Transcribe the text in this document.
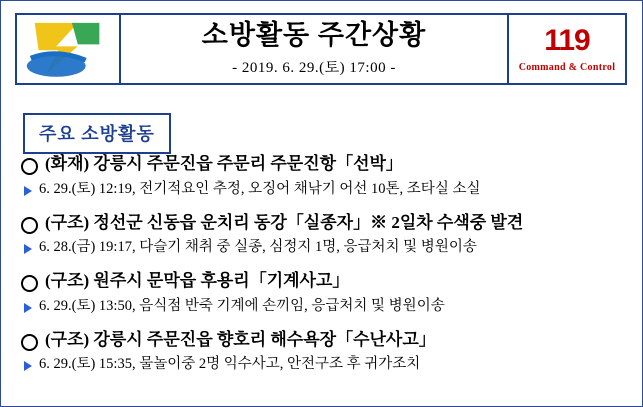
소방활동 주간상황
- 2019. 6. 29.(토) 17:00 -
119
Command & Control
주요 소방활동
(화재) 강릉시 주문진읍 주문리 주문진항「선박」
6. 29.(토) 12:19, 전기적요인 추정, 오징어 채낚기 어선 10톤, 조타실 소실
(구조) 정선군 신동읍 운치리 동강「실종자」※ 2일차 수색중 발견
6. 28.(금) 19:17, 다슬기 채취 중 실종, 심정지 1명, 응급처치 및 병원이송
(구조) 원주시 문막읍 후용리「기계사고」
6. 29.(토) 13:50, 음식점 반죽 기계에 손끼임, 응급처치 및 병원이송
(구조) 강릉시 주문진읍 향호리 해수욕장「수난사고」
6. 29.(토) 15:35, 물놀이중 2명 익수사고, 안전구조 후 귀가조치
